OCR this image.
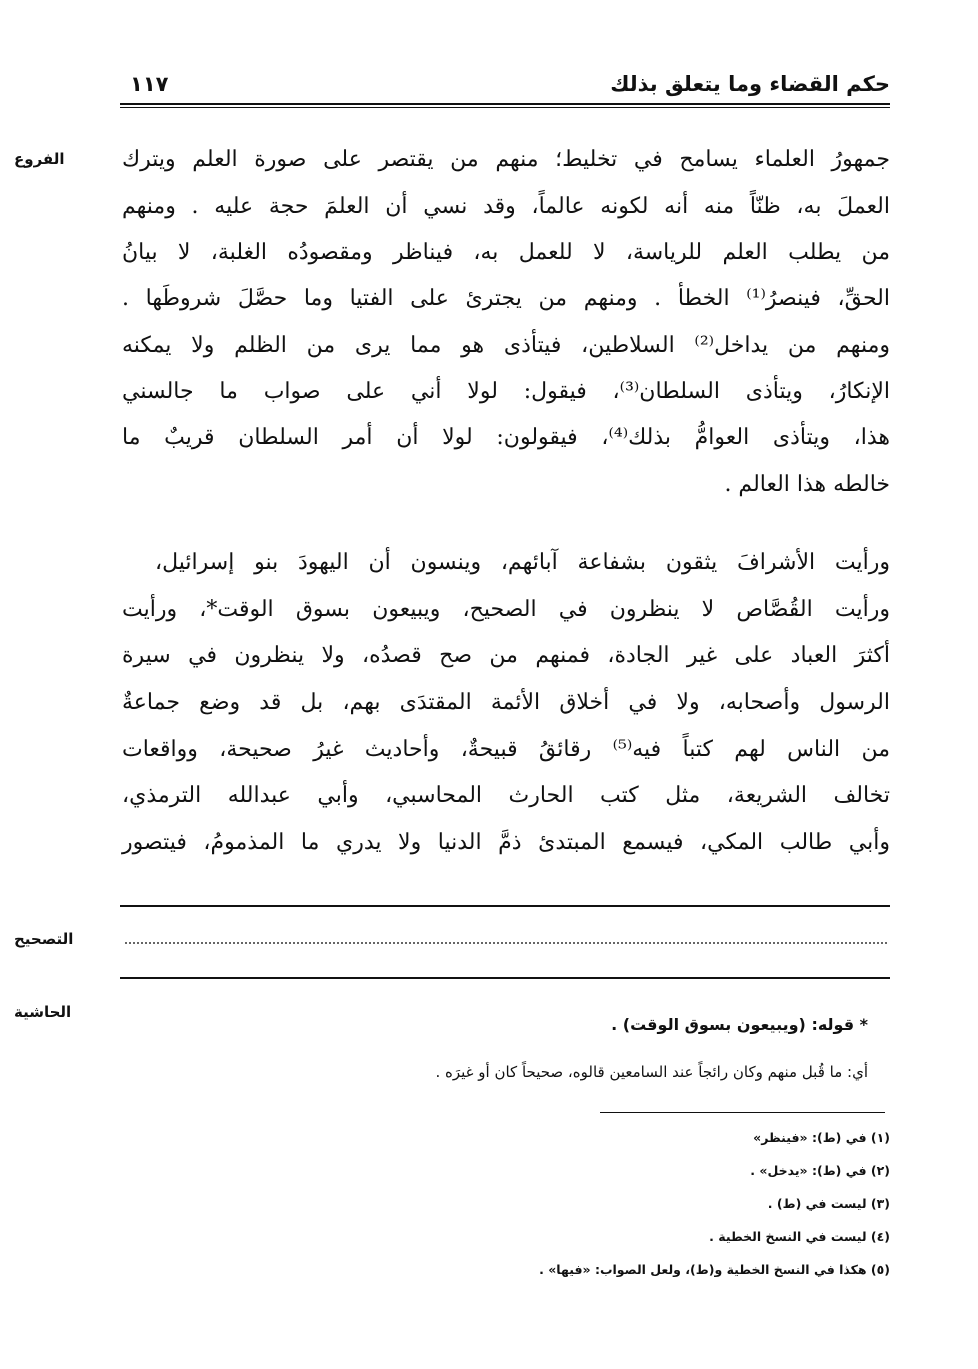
حكم القضاء وما يتعلق بذلك
١١٧
الفروع	جمهورُ العلماء يسامح في تخليط؛ منهم من يقتصر على صورة العلم ويترك
العملَ به، ظنّاً منه أنه لكونه عالماً، وقد نسي أن العلمَ حجة عليه . ومنهم
من يطلب العلم للرياسة، لا للعمل به، فيناظر ومقصودُه الغلبة، لا بيانُ
الحقِّ، فينصرُ⁽¹⁾ الخطأ . ومنهم من يجترئ على الفتيا وما حصَّلَ شروطَها .
ومنهم من يداخل⁽²⁾ السلاطين، فيتأذى هو مما يرى من الظلم ولا يمكنه
الإنكارُ، ويتأذى السلطان⁽³⁾، فيقول: لولا أني على صواب ما جالسني
هذا، ويتأذى العوامُّ بذلك⁽⁴⁾، فيقولون: لولا أن أمر السلطان قريبٌ ما
خالطه هذا العالم .
ورأيت الأشرافَ يثقون بشفاعة آبائهم، وينسون أن اليهودَ بنو إسرائيل،
ورأيت القُصَّاص لا ينظرون في الصحيح، ويبيعون بسوق الوقت*، ورأيت
أكثرَ العباد على غير الجادة، فمنهم من صح قصدُه، ولا ينظرون في سيرة
الرسول وأصحابه، ولا في أخلاق الأئمة المقتدَى بهم، بل قد وضع جماعةٌ
من الناس لهم كتباً فيه⁽⁵⁾ رقائقُ قبيحةٌ، وأحاديث غيرُ صحيحة، وواقعات
تخالف الشريعة، مثل كتب الحارث المحاسبي، وأبي عبدالله الترمذي،
وأبي طالب المكي، فيسمع المبتدئ ذمَّ الدنيا ولا يدري ما المذمومُ، فيتصور
التصحيح
الحاشية
* قوله: (ويبيعون بسوق الوقت) .
أي: ما قُبل منهم وكان رائجاً عند السامعين قالوه، صحيحاً كان أو غيرَه .
(١) في (ط): «فينظر»
(٢) في (ط): «يدخل» .
(٣) ليست في (ط) .
(٤) ليست في النسخ الخطية .
(٥) هكذا في النسخ الخطية و(ط)، ولعل الصواب: «فيها» .
